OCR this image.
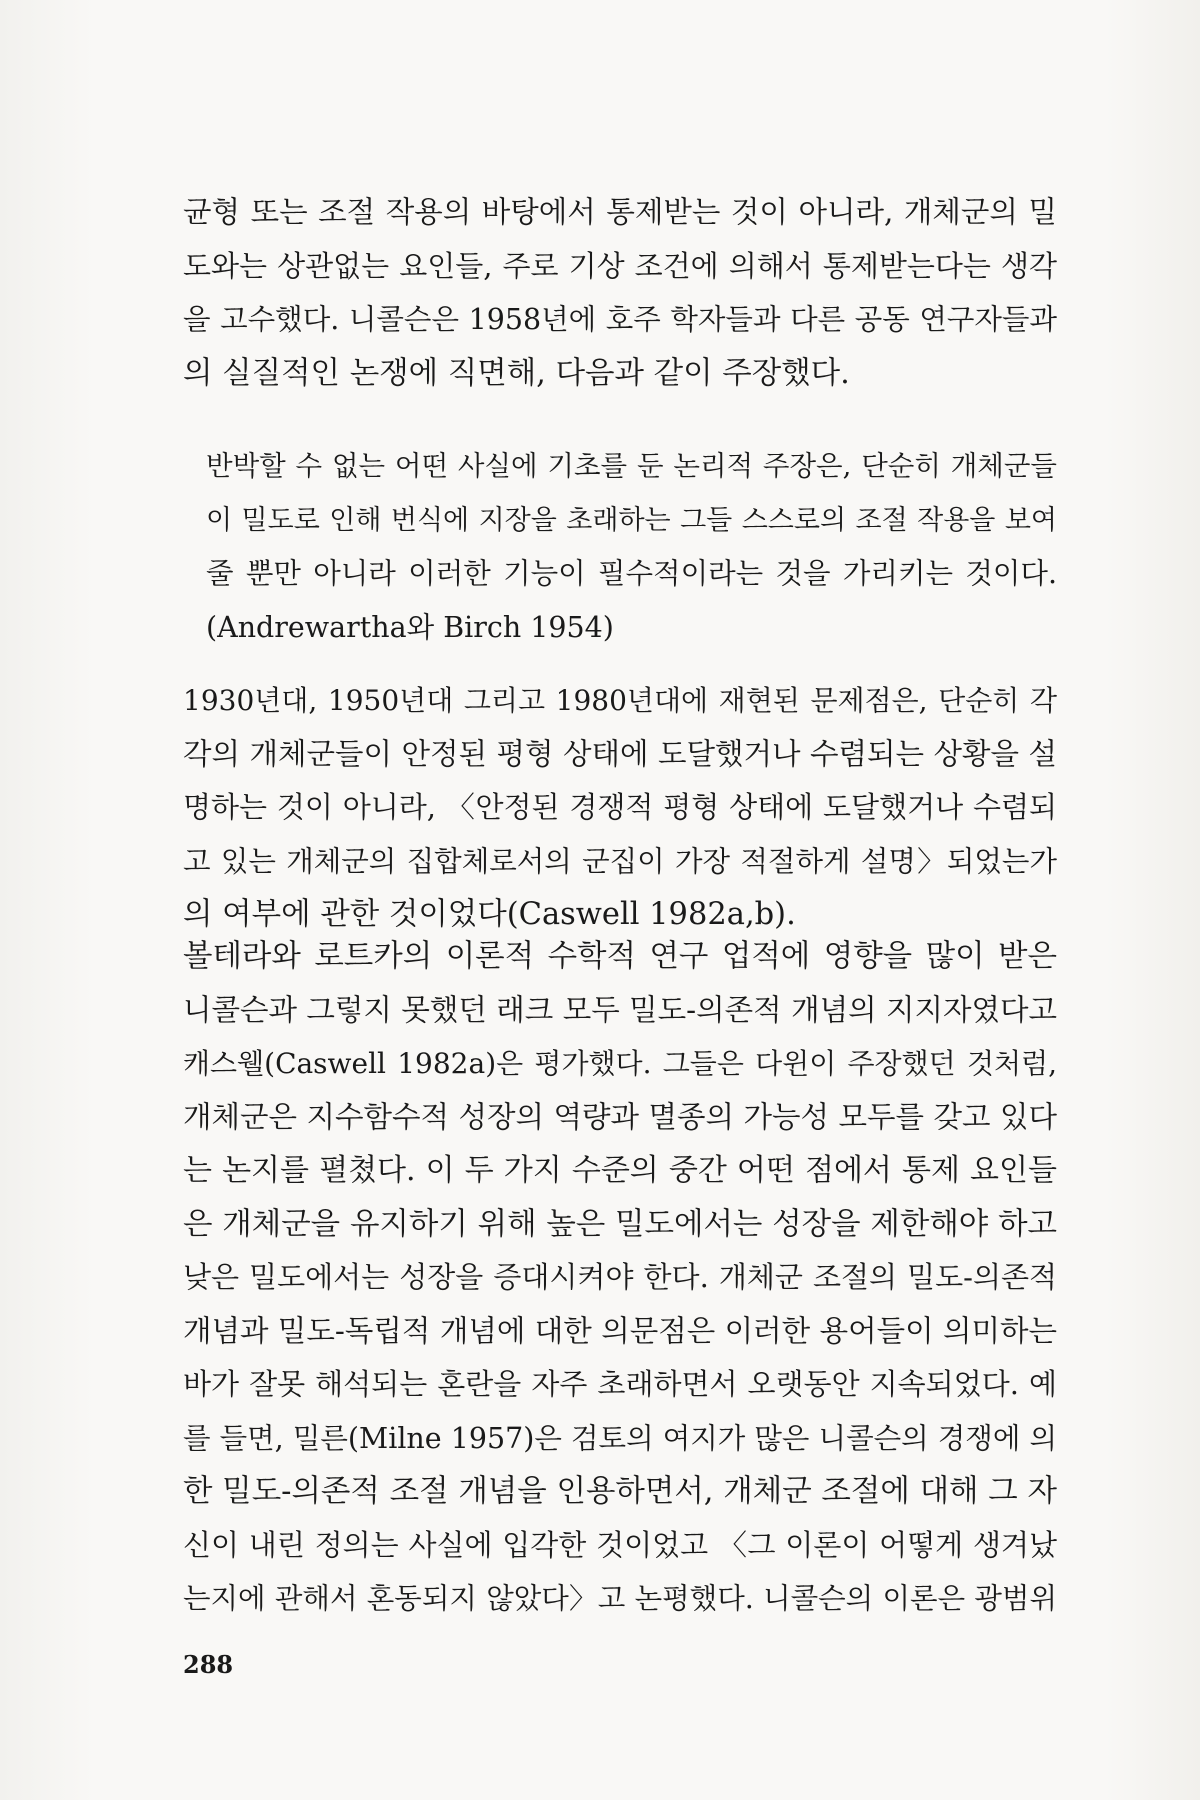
균형 또는 조절 작용의 바탕에서 통제받는 것이 아니라, 개체군의 밀
도와는 상관없는 요인들, 주로 기상 조건에 의해서 통제받는다는 생각
을 고수했다. 니콜슨은 1958년에 호주 학자들과 다른 공동 연구자들과
의 실질적인 논쟁에 직면해, 다음과 같이 주장했다.
반박할 수 없는 어떤 사실에 기초를 둔 논리적 주장은, 단순히 개체군들
이 밀도로 인해 번식에 지장을 초래하는 그들 스스로의 조절 작용을 보여
줄 뿐만 아니라 이러한 기능이 필수적이라는 것을 가리키는 것이다.
(Andrewartha와 Birch 1954)
1930년대, 1950년대 그리고 1980년대에 재현된 문제점은, 단순히 각
각의 개체군들이 안정된 평형 상태에 도달했거나 수렴되는 상황을 설
명하는 것이 아니라, 〈안정된 경쟁적 평형 상태에 도달했거나 수렴되
고 있는 개체군의 집합체로서의 군집이 가장 적절하게 설명〉되었는가
의 여부에 관한 것이었다(Caswell 1982a,b).
볼테라와 로트카의 이론적 수학적 연구 업적에 영향을 많이 받은
니콜슨과 그렇지 못했던 래크 모두 밀도-의존적 개념의 지지자였다고
캐스웰(Caswell 1982a)은 평가했다. 그들은 다윈이 주장했던 것처럼,
개체군은 지수함수적 성장의 역량과 멸종의 가능성 모두를 갖고 있다
는 논지를 펼쳤다. 이 두 가지 수준의 중간 어떤 점에서 통제 요인들
은 개체군을 유지하기 위해 높은 밀도에서는 성장을 제한해야 하고
낮은 밀도에서는 성장을 증대시켜야 한다. 개체군 조절의 밀도-의존적
개념과 밀도-독립적 개념에 대한 의문점은 이러한 용어들이 의미하는
바가 잘못 해석되는 혼란을 자주 초래하면서 오랫동안 지속되었다. 예
를 들면, 밀른(Milne 1957)은 검토의 여지가 많은 니콜슨의 경쟁에 의
한 밀도-의존적 조절 개념을 인용하면서, 개체군 조절에 대해 그 자
신이 내린 정의는 사실에 입각한 것이었고 〈그 이론이 어떻게 생겨났
는지에 관해서 혼동되지 않았다〉고 논평했다. 니콜슨의 이론은 광범위
288
